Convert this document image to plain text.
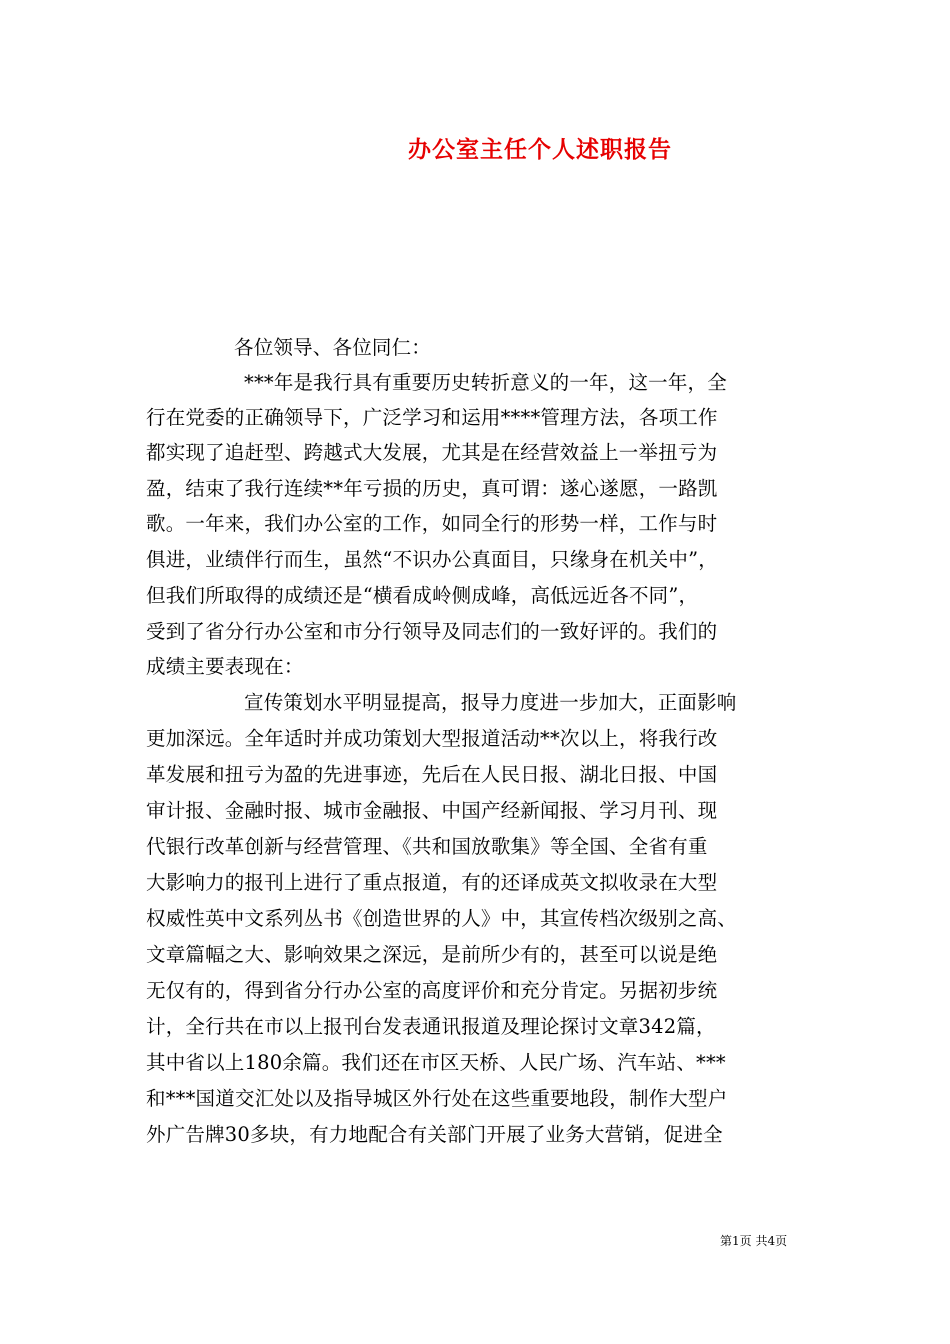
办公室主任个人述职报告
各位领导、各位同仁：
***年是我行具有重要历史转折意义的一年，这一年，全
行在党委的正确领导下，广泛学习和运用****管理方法，各项工作
都实现了追赶型、跨越式大发展，尤其是在经营效益上一举扭亏为
盈，结束了我行连续**年亏损的历史，真可谓：遂心遂愿，一路凯
歌。一年来，我们办公室的工作，如同全行的形势一样，工作与时
俱进，业绩伴行而生，虽然“不识办公真面目，只缘身在机关中”，
但我们所取得的成绩还是“横看成岭侧成峰，高低远近各不同”，
受到了省分行办公室和市分行领导及同志们的一致好评的。我们的
成绩主要表现在：
宣传策划水平明显提高，报导力度进一步加大，正面影响
更加深远。全年适时并成功策划大型报道活动**次以上，将我行改
革发展和扭亏为盈的先进事迹，先后在人民日报、湖北日报、中国
审计报、金融时报、城市金融报、中国产经新闻报、学习月刊、现
代银行改革创新与经营管理、《共和国放歌集》等全国、全省有重
大影响力的报刊上进行了重点报道，有的还译成英文拟收录在大型
权威性英中文系列丛书《创造世界的人》中，其宣传档次级别之高、
文章篇幅之大、影响效果之深远，是前所少有的，甚至可以说是绝
无仅有的，得到省分行办公室的高度评价和充分肯定。另据初步统
计，全行共在市以上报刊台发表通讯报道及理论探讨文章342篇，
其中省以上180余篇。我们还在市区天桥、人民广场、汽车站、***
和***国道交汇处以及指导城区外行处在这些重要地段，制作大型户
外广告牌30多块，有力地配合有关部门开展了业务大营销，促进全
第1页 共4页
